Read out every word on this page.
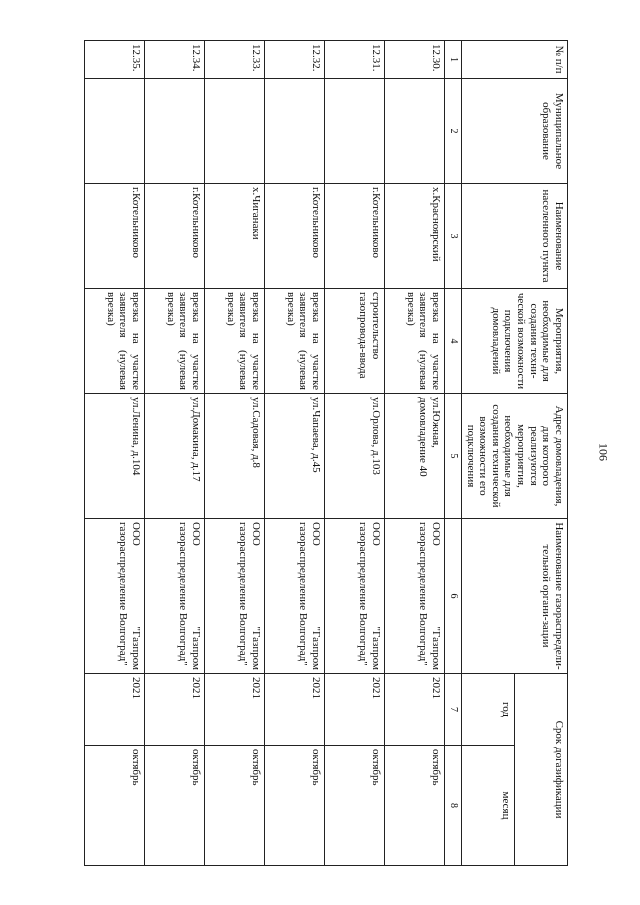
106
№ п/п	Муниципальное образование	Наименование населенного пункта	Мероприятия, необходимые для создания техни-ческой возможности подключения домовладений	Адрес домовладения, для которого реализуются мероприятия, необходимые для создания технической возможности его подключения	Наименование газораспредели-тельной органи-зации	Срок догазификации	
						год	месяц
1	2	3	4	5	6	7	8
12.30.		х.Красноярский	врезка на участке заявителя (нулевая врезка)	ул.Южная, домовладение 40	ООО "Газпром газораспределение Волгоград"	2021	октябрь
12.31.		г.Котельниково	строительство газопровода-ввода	ул.Орлова, д.103	ООО "Газпром газораспределение Волгоград"	2021	октябрь
12.32.		г.Котельниково	врезка на участке заявителя (нулевая врезка)	ул.Чапаева, д.45	ООО "Газпром газораспределение Волгоград"	2021	октябрь
12.33.		х.Чиганаки	врезка на участке заявителя (нулевая врезка)	ул.Садовая, д.8	ООО "Газпром газораспределение Волгоград"	2021	октябрь
12.34.		г.Котельниково	врезка на участке заявителя (нулевая врезка)	ул.Домакина, д.17	ООО "Газпром газораспределение Волгоград"	2021	октябрь
12.35.		г.Котельниково	врезка на участке заявителя (нулевая врезка)	ул.Ленина, д.104	ООО "Газпром газораспределение Волгоград"	2021	октябрь
